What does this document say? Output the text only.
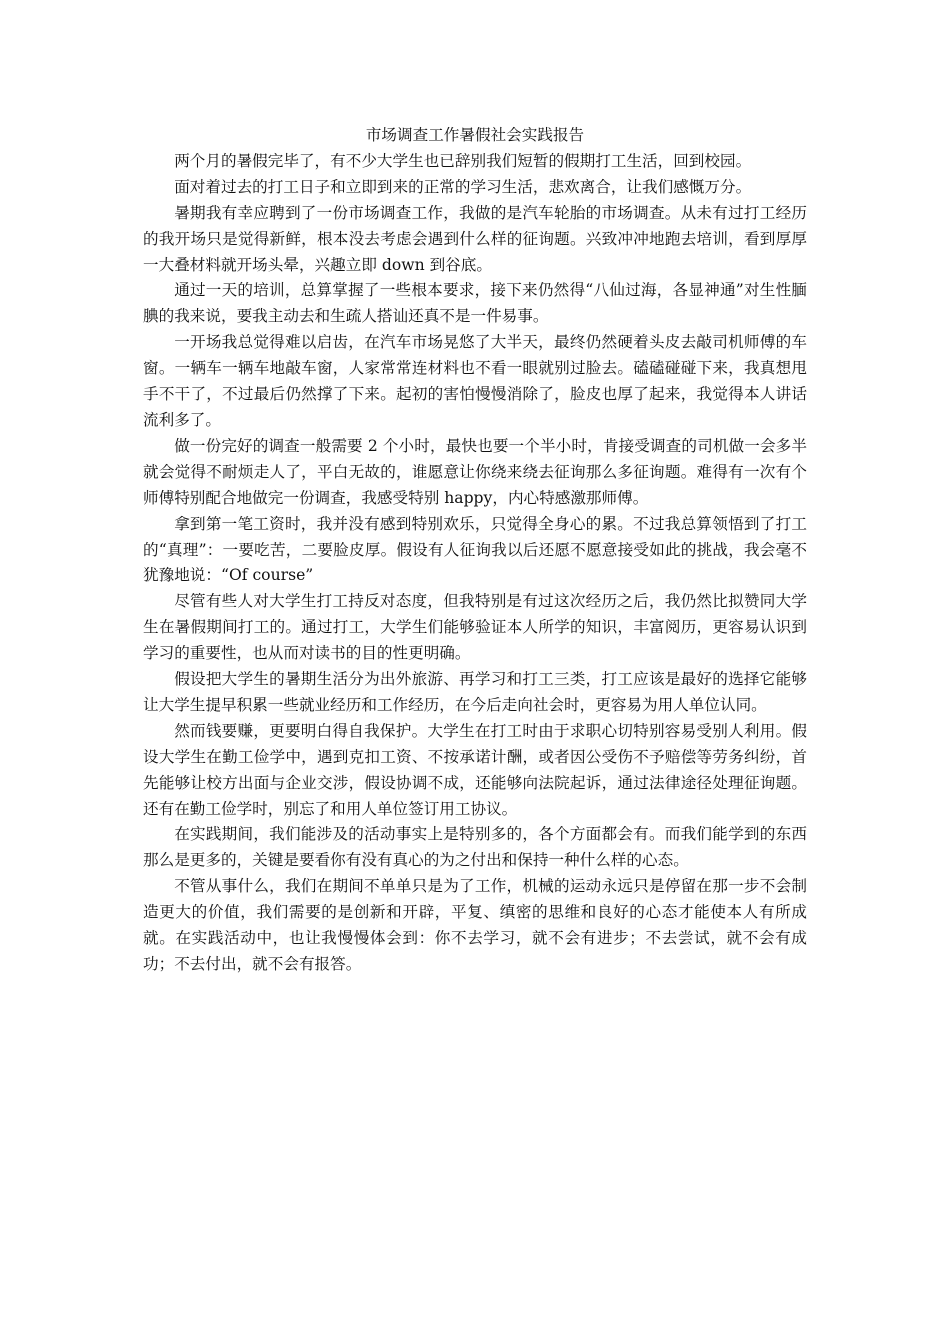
市场调查工作暑假社会实践报告

两个月的暑假完毕了，有不少大学生也已辞别我们短暂的假期打工生活，回到校园。

面对着过去的打工日子和立即到来的正常的学习生活，悲欢离合，让我们感慨万分。

暑期我有幸应聘到了一份市场调查工作，我做的是汽车轮胎的市场调查。从未有过打工经历的我开场只是觉得新鲜，根本没去考虑会遇到什么样的征询题。兴致冲冲地跑去培训，看到厚厚一大叠材料就开场头晕，兴趣立即 down 到谷底。

通过一天的培训，总算掌握了一些根本要求，接下来仍然得“八仙过海，各显神通”对生性腼腆的我来说，要我主动去和生疏人搭讪还真不是一件易事。

一开场我总觉得难以启齿，在汽车市场晃悠了大半天，最终仍然硬着头皮去敲司机师傅的车窗。一辆车一辆车地敲车窗，人家常常连材料也不看一眼就别过脸去。磕磕碰碰下来，我真想甩手不干了，不过最后仍然撑了下来。起初的害怕慢慢消除了，脸皮也厚了起来，我觉得本人讲话流利多了。

做一份完好的调查一般需要 2 个小时，最快也要一个半小时，肯接受调查的司机做一会多半就会觉得不耐烦走人了，平白无故的，谁愿意让你绕来绕去征询那么多征询题。难得有一次有个师傅特别配合地做完一份调查，我感受特别 happy，内心特感激那师傅。

拿到第一笔工资时，我并没有感到特别欢乐，只觉得全身心的累。不过我总算领悟到了打工的“真理”：一要吃苦，二要脸皮厚。假设有人征询我以后还愿不愿意接受如此的挑战，我会毫不犹豫地说：“Of course”

尽管有些人对大学生打工持反对态度，但我特别是有过这次经历之后，我仍然比拟赞同大学生在暑假期间打工的。通过打工，大学生们能够验证本人所学的知识，丰富阅历，更容易认识到学习的重要性，也从而对读书的目的性更明确。

假设把大学生的暑期生活分为出外旅游、再学习和打工三类，打工应该是最好的选择它能够让大学生提早积累一些就业经历和工作经历，在今后走向社会时，更容易为用人单位认同。

然而钱要赚，更要明白得自我保护。大学生在打工时由于求职心切特别容易受别人利用。假设大学生在勤工俭学中，遇到克扣工资、不按承诺计酬，或者因公受伤不予赔偿等劳务纠纷，首先能够让校方出面与企业交涉，假设协调不成，还能够向法院起诉，通过法律途径处理征询题。还有在勤工俭学时，别忘了和用人单位签订用工协议。

在实践期间，我们能涉及的活动事实上是特别多的，各个方面都会有。而我们能学到的东西那么是更多的，关键是要看你有没有真心的为之付出和保持一种什么样的心态。

不管从事什么，我们在期间不单单只是为了工作，机械的运动永远只是停留在那一步不会制造更大的价值，我们需要的是创新和开辟，平复、缜密的思维和良好的心态才能使本人有所成就。在实践活动中，也让我慢慢体会到：你不去学习，就不会有进步；不去尝试，就不会有成功；不去付出，就不会有报答。
